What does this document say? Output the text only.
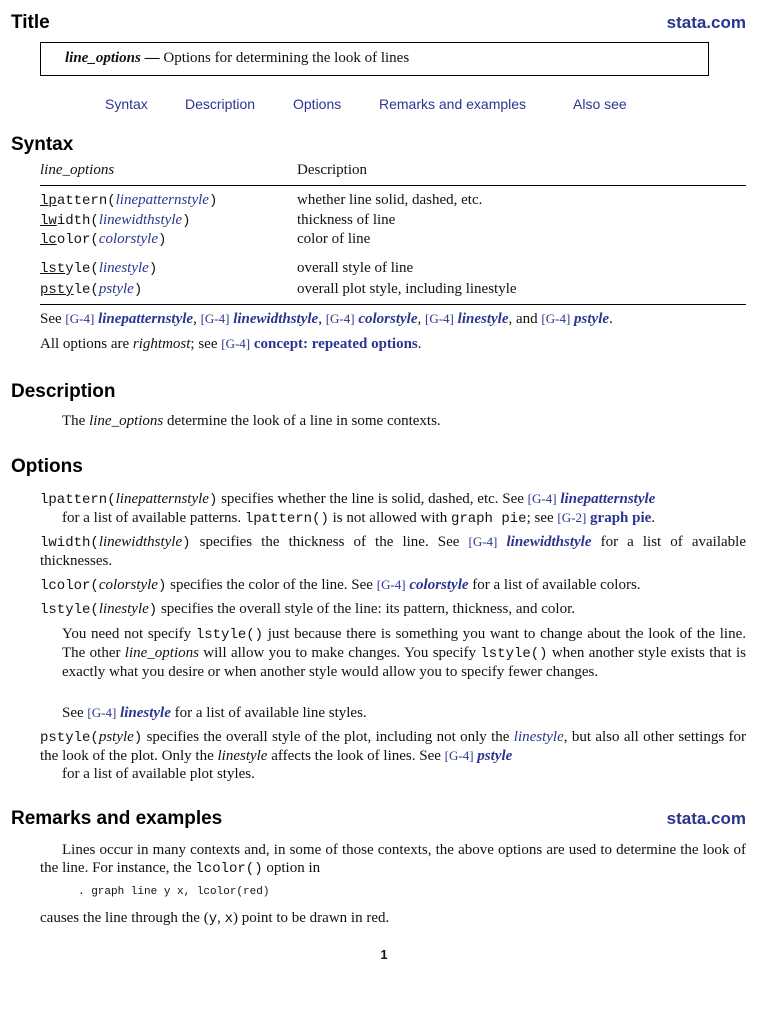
Title	stata.com
line_options — Options for determining the look of lines
Syntax	Description	Options	Remarks and examples	Also see
Syntax
line_options	Description
lpattern(linepatternstyle)	whether line solid, dashed, etc.
lwidth(linewidthstyle)	thickness of line
lcolor(colorstyle)	color of line
lstyle(linestyle)	overall style of line
pstyle(pstyle)	overall plot style, including linestyle
See [G-4] linepatternstyle, [G-4] linewidthstyle, [G-4] colorstyle, [G-4] linestyle, and [G-4] pstyle.
All options are rightmost; see [G-4] concept: repeated options.
Description
The line_options determine the look of a line in some contexts.
Options
lpattern(linepatternstyle) specifies whether the line is solid, dashed, etc. See [G-4] linepatternstyle
for a list of available patterns. lpattern() is not allowed with graph pie; see [G-2] graph pie.
lwidth(linewidthstyle) specifies the thickness of the line. See [G-4] linewidthstyle for a list of available thicknesses.
lcolor(colorstyle) specifies the color of the line. See [G-4] colorstyle for a list of available colors.
lstyle(linestyle) specifies the overall style of the line: its pattern, thickness, and color.
You need not specify lstyle() just because there is something you want to change about the look of the line. The other line_options will allow you to make changes. You specify lstyle() when another style exists that is exactly what you desire or when another style would allow you to specify fewer changes.
See [G-4] linestyle for a list of available line styles.
pstyle(pstyle) specifies the overall style of the plot, including not only the linestyle, but also all other settings for the look of the plot. Only the linestyle affects the look of lines. See [G-4] pstyle
for a list of available plot styles.
Remarks and examples	stata.com
Lines occur in many contexts and, in some of those contexts, the above options are used to determine the look of the line. For instance, the lcolor() option in
. graph line y x, lcolor(red)
causes the line through the (y, x) point to be drawn in red.
1
